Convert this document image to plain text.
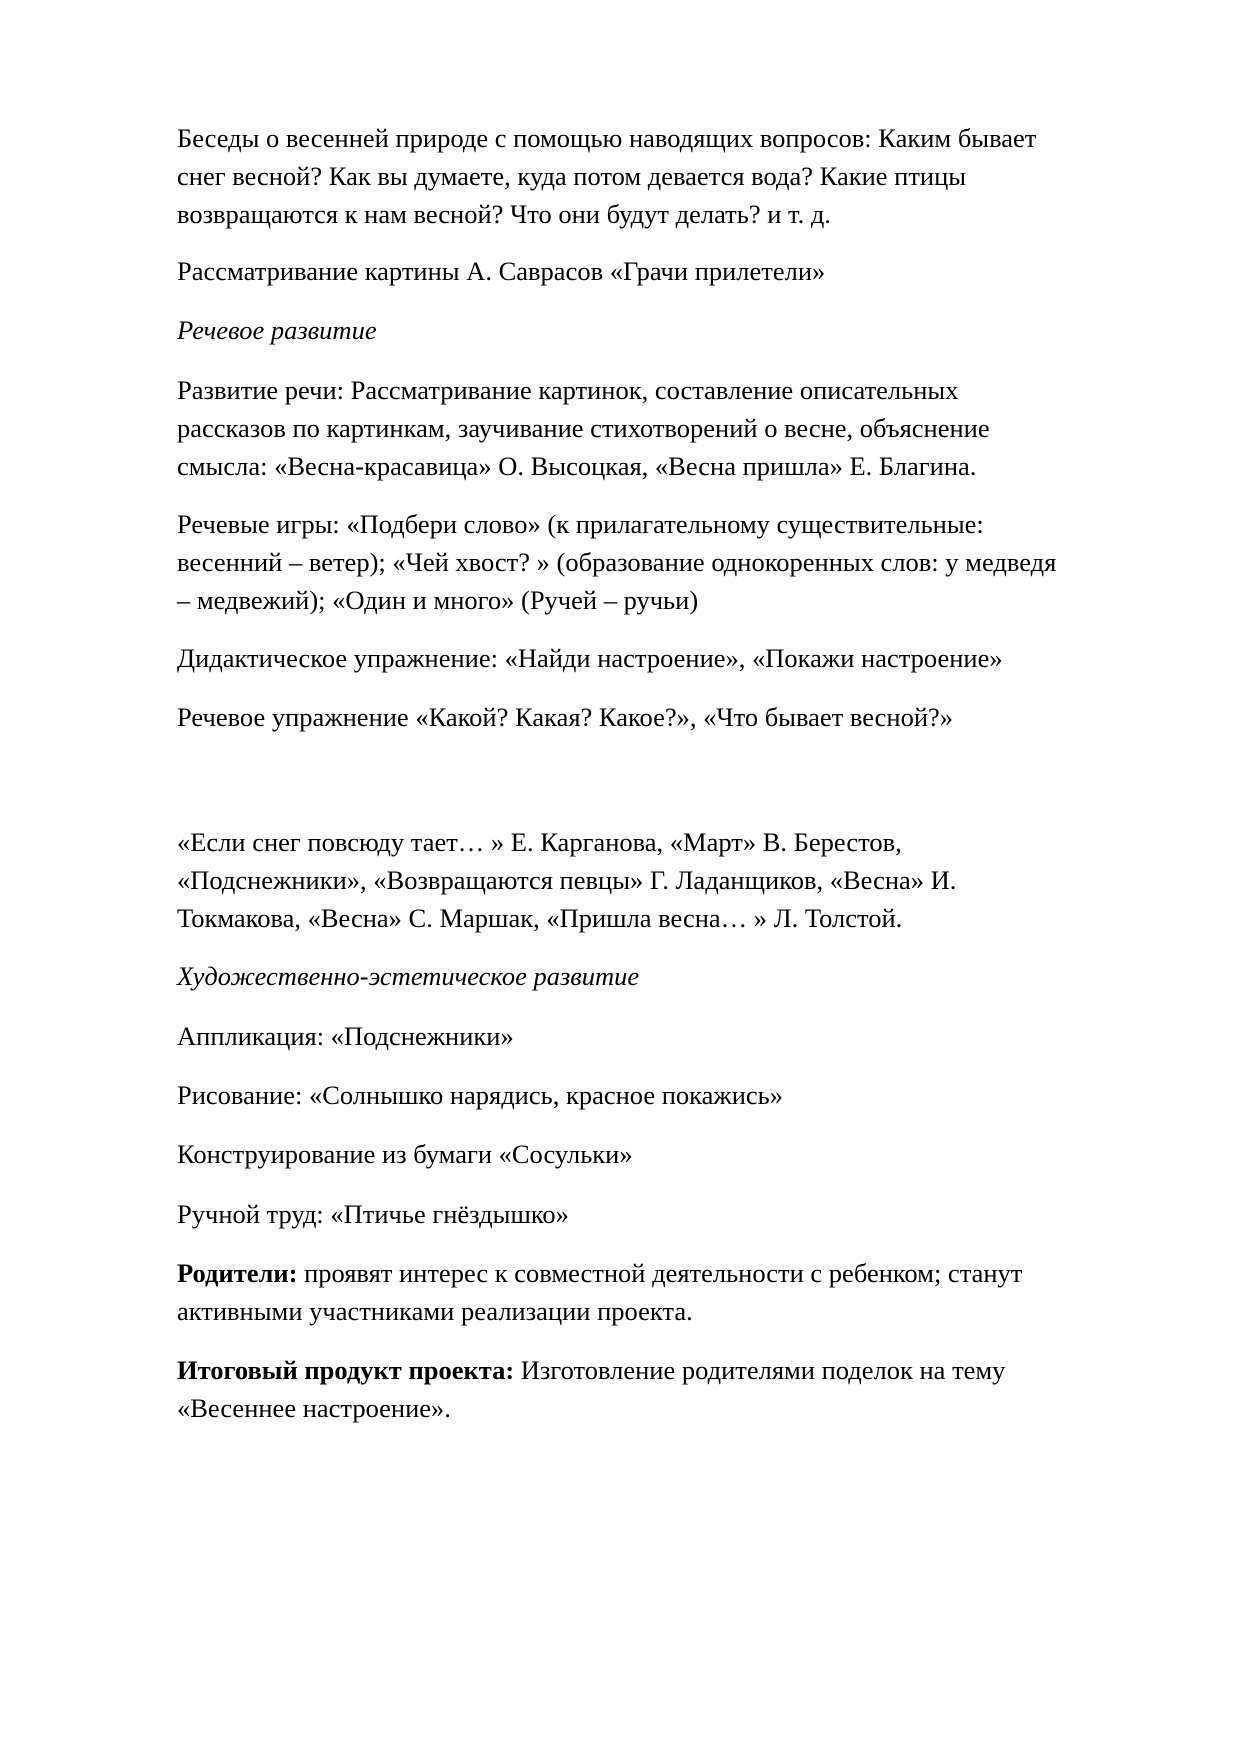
Беседы о весенней природе с помощью наводящих вопросов: Каким бывает
снег весной? Как вы думаете, куда потом девается вода? Какие птицы
возвращаются к нам весной? Что они будут делать? и т. д.

Рассматривание картины А. Саврасов «Грачи прилетели»

Речевое развитие

Развитие речи: Рассматривание картинок, составление описательных
рассказов по картинкам, заучивание стихотворений о весне, объяснение
смысла: «Весна-красавица» О. Высоцкая, «Весна пришла» Е. Благина.

Речевые игры: «Подбери слово» (к прилагательному существительные:
весенний – ветер); «Чей хвост? » (образование однокоренных слов: у медведя
– медвежий); «Один и много» (Ручей – ручьи)

Дидактическое упражнение: «Найди настроение», «Покажи настроение»

Речевое упражнение «Какой? Какая? Какое?», «Что бывает весной?»

«Если снег повсюду тает… » Е. Карганова, «Март» В. Берестов,
«Подснежники», «Возвращаются певцы» Г. Ладанщиков, «Весна» И.
Токмакова, «Весна» С. Маршак, «Пришла весна… » Л. Толстой.

Художественно-эстетическое развитие

Аппликация: «Подснежники»

Рисование: «Солнышко нарядись, красное покажись»

Конструирование из бумаги «Сосульки»

Ручной труд: «Птичье гнёздышко»

Родители: проявят интерес к совместной деятельности с ребенком; станут
активными участниками реализации проекта.

Итоговый продукт проекта: Изготовление родителями поделок на тему
«Весеннее настроение».
